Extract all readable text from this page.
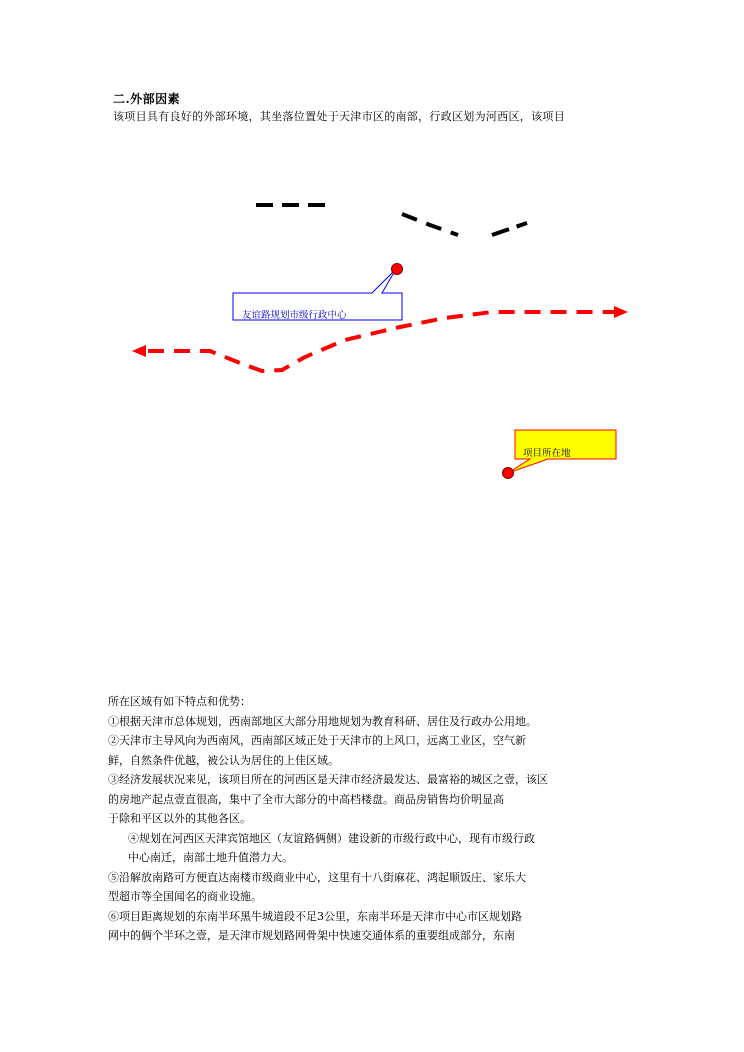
二.外部因素
该项目具有良好的外部环境，其坐落位置处于天津市区的南部，行政区划为河西区，该项目
友谊路规划市级行政中心
项目所在地
所在区域有如下特点和优势：
①根据天津市总体规划，西南部地区大部分用地规划为教育科研、居住及行政办公用地。
②天津市主导风向为西南风，西南部区域正处于天津市的上风口，远离工业区，空气新
鲜，自然条件优越，被公认为居住的上佳区域。
③经济发展状况来见，该项目所在的河西区是天津市经济最发达、最富裕的城区之壹，该区
的房地产起点壹直很高，集中了全市大部分的中高档楼盘。商品房销售均价明显高
于除和平区以外的其他各区。
④规划在河西区天津宾馆地区（友谊路俩侧）建设新的市级行政中心，现有市级行政
中心南迁，南部土地升值潜力大。
⑤沿解放南路可方便直达南楼市级商业中心，这里有十八街麻花、鸿起顺饭庄、家乐大
型超市等全国闻名的商业设施。
⑥项目距离规划的东南半环黑牛城道段不足3公里，东南半环是天津市中心市区规划路
网中的俩个半环之壹，是天津市规划路网骨架中快速交通体系的重要组成部分，东南
